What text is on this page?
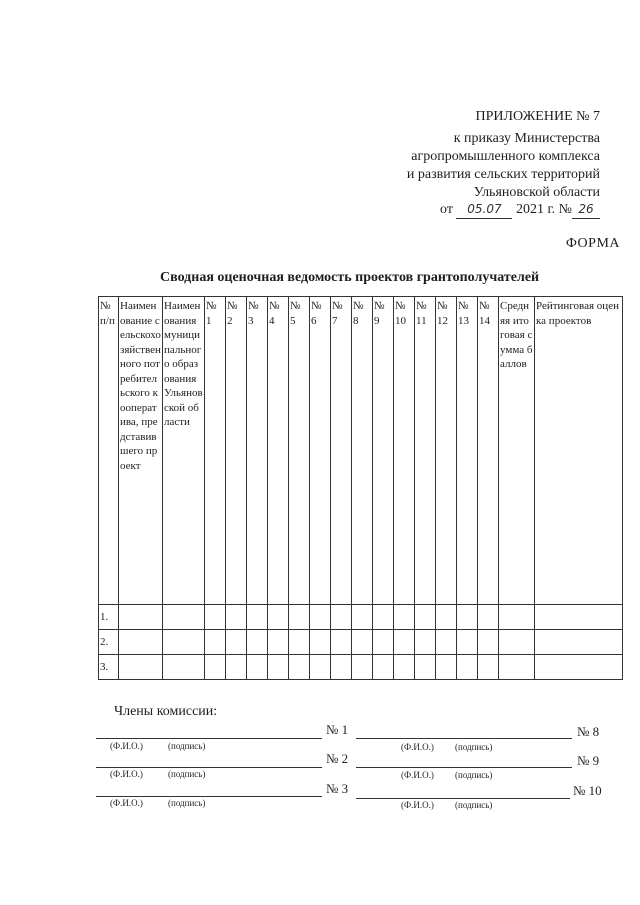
ПРИЛОЖЕНИЕ № 7
к приказу Министерства
агропромышленного комплекса
и развития сельских территорий
Ульяновской области
от 05.07 2021 г. № 26
ФОРМА
Сводная оценочная ведомость проектов грантополучателей
№ п/п	Наименование сельскохозяйственного потребительского кооператива, представившего проект	Наименования муниципального образования Ульяновской области	№ 1	№ 2	№ 3	№ 4	№ 5	№ 6	№ 7	№ 8	№ 9	№ 10	№ 11	№ 12	№ 13	№ 14	Средняя итоговая сумма баллов	Рейтинговая оценка проектов
1.																		
2.																		
3.																		
Члены комиссии:
№ 1	№ 8
(Ф.И.О.)	(подпись)	(Ф.И.О.) (подпись)
№ 2	№ 9
(Ф.И.О.)	(подпись)	(Ф.И.О.) (подпись)
№ 3	№ 10
(Ф.И.О.)	(подпись)	(Ф.И.О.) (подпись)
